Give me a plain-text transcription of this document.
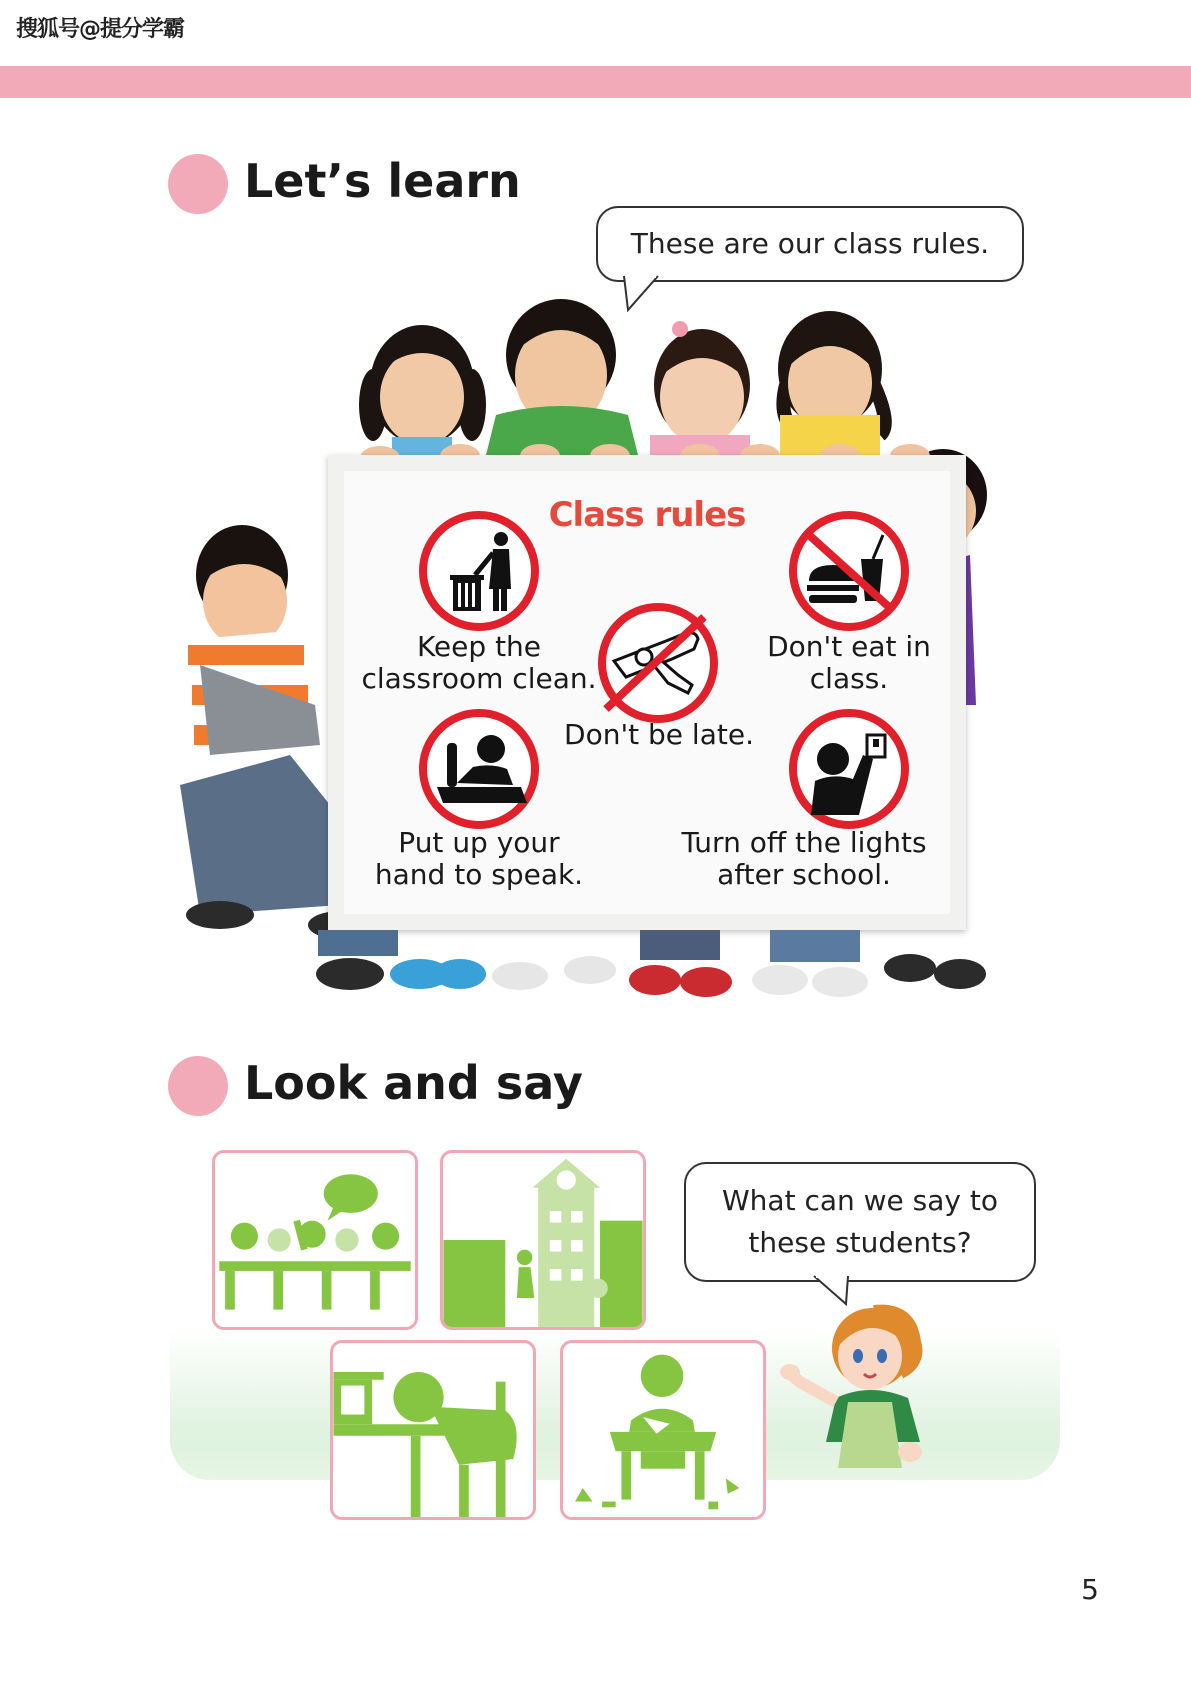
搜狐号@提分学霸
Let’s learn
These are our class rules.
Class rules
Keep the
classroom clean.
Don't be late.
Don't eat in
class.
Put up your
hand to speak.
Turn off the lights
after school.
Look and say
What can we say to
these students?
5
